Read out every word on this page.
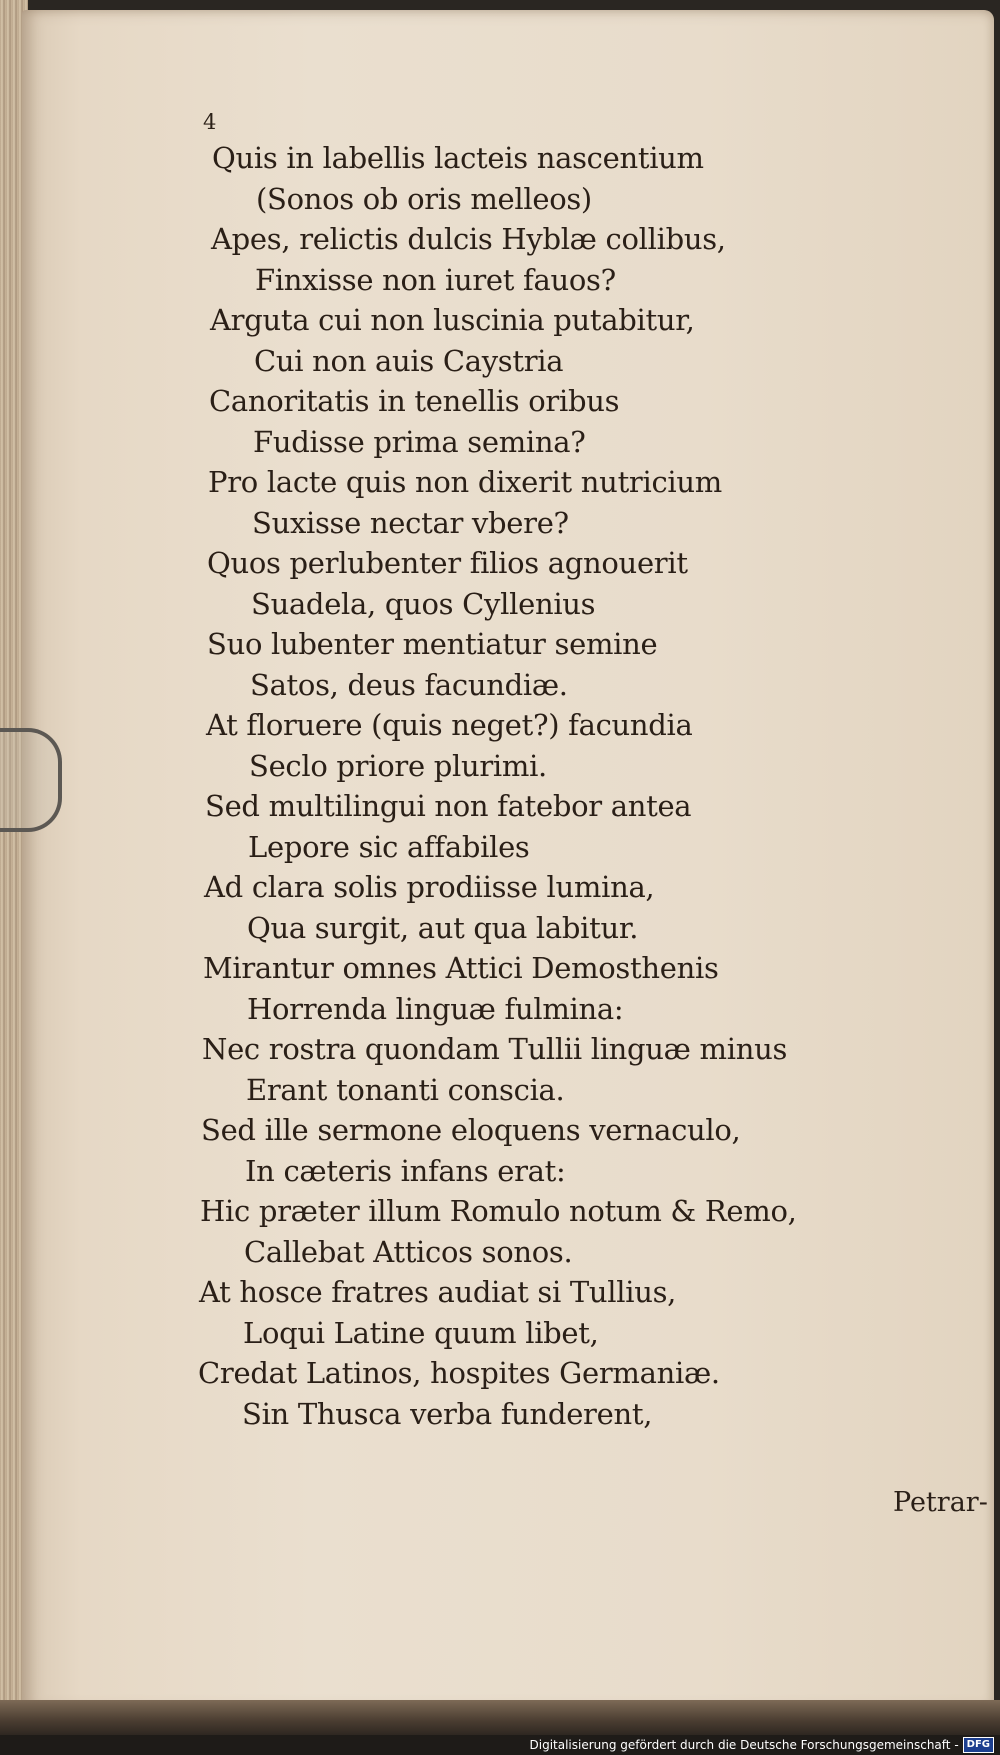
4
Quis in labellis lacteis nascentium
(Sonos ob oris melleos)
Apes, relictis dulcis Hyblæ collibus,
Finxisse non iuret fauos?
Arguta cui non luscinia putabitur,
Cui non auis Caystria
Canoritatis in tenellis oribus
Fudisse prima semina?
Pro lacte quis non dixerit nutricium
Suxisse nectar vbere?
Quos perlubenter filios agnouerit
Suadela, quos Cyllenius
Suo lubenter mentiatur semine
Satos, deus facundiæ.
At floruere (quis neget?) facundia
Seclo priore plurimi.
Sed multilingui non fatebor antea
Lepore sic affabiles
Ad clara solis prodiisse lumina,
Qua surgit, aut qua labitur.
Mirantur omnes Attici Demosthenis
Horrenda linguæ fulmina:
Nec rostra quondam Tullii linguæ minus
Erant tonanti conscia.
Sed ille sermone eloquens vernaculo,
In cæteris infans erat:
Hic præter illum Romulo notum & Remo,
Callebat Atticos sonos.
At hosce fratres audiat si Tullius,
Loqui Latine quum libet,
Credat Latinos, hospites Germaniæ.
Sin Thusca verba funderent,
Petrar-
Digitalisierung gefördert durch die Deutsche Forschungsgemeinschaft - DFG
